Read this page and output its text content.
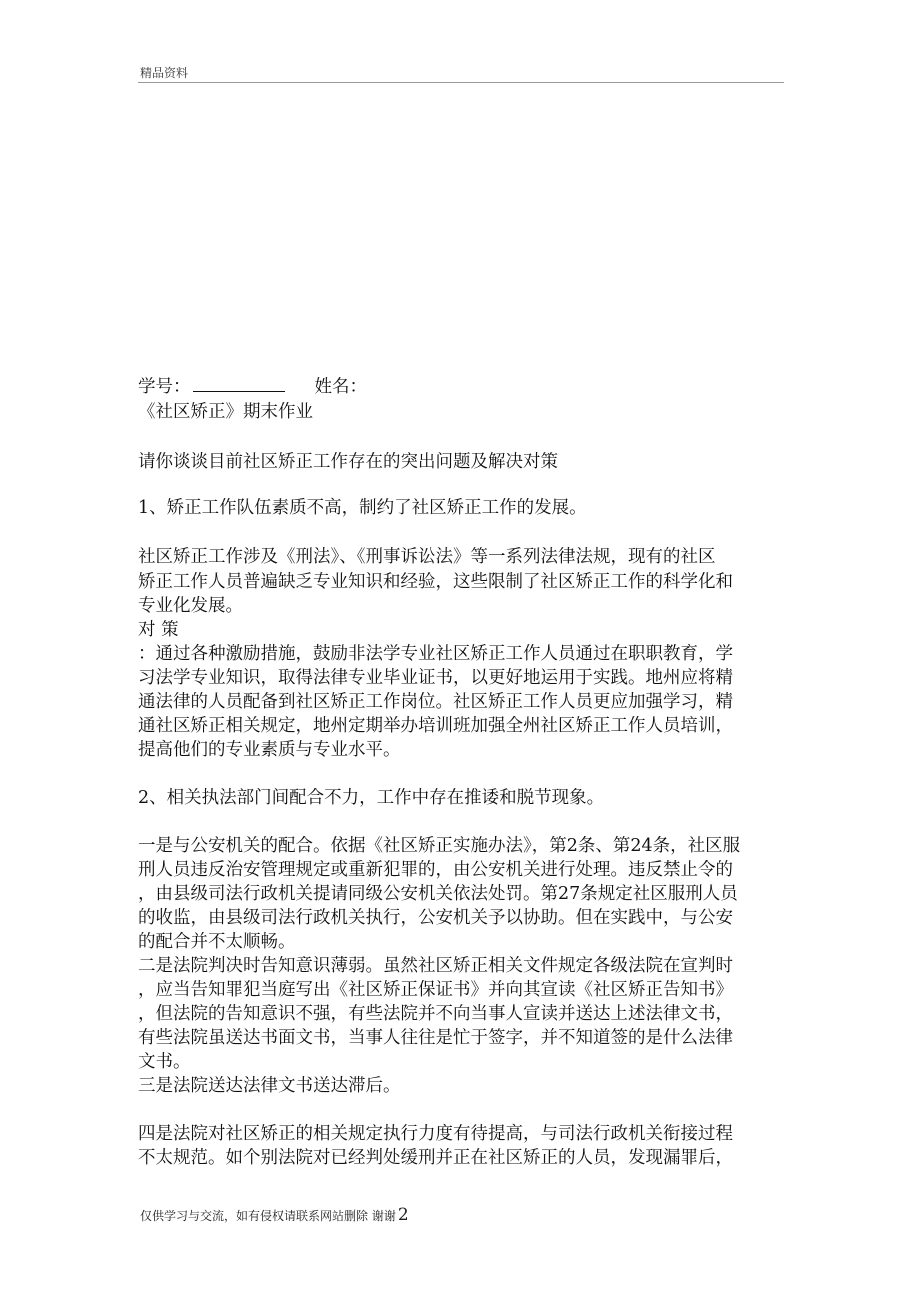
精品资料
学号：	姓名：
《社区矫正》期末作业
请你谈谈目前社区矫正工作存在的突出问题及解决对策
1、矫正工作队伍素质不高，制约了社区矫正工作的发展。
社区矫正工作涉及《刑法》、《刑事诉讼法》等一系列法律法规，现有的社区
矫正工作人员普遍缺乏专业知识和经验，这些限制了社区矫正工作的科学化和
专业化发展。
对 策
：通过各种激励措施，鼓励非法学专业社区矫正工作人员通过在职职教育，学
习法学专业知识，取得法律专业毕业证书，以更好地运用于实践。地州应将精
通法律的人员配备到社区矫正工作岗位。社区矫正工作人员更应加强学习，精
通社区矫正相关规定，地州定期举办培训班加强全州社区矫正工作人员培训，
提高他们的专业素质与专业水平。
2、相关执法部门间配合不力，工作中存在推诿和脱节现象。
一是与公安机关的配合。依据《社区矫正实施办法》，第2条、第24条，社区服
刑人员违反治安管理规定或重新犯罪的，由公安机关进行处理。违反禁止令的
，由县级司法行政机关提请同级公安机关依法处罚。第27条规定社区服刑人员
的收监，由县级司法行政机关执行，公安机关予以协助。但在实践中，与公安
的配合并不太顺畅。
二是法院判决时告知意识薄弱。虽然社区矫正相关文件规定各级法院在宣判时
，应当告知罪犯当庭写出《社区矫正保证书》并向其宣读《社区矫正告知书》
，但法院的告知意识不强，有些法院并不向当事人宣读并送达上述法律文书，
有些法院虽送达书面文书，当事人往往是忙于签字，并不知道签的是什么法律
文书。
三是法院送达法律文书送达滞后。
四是法院对社区矫正的相关规定执行力度有待提高，与司法行政机关衔接过程
不太规范。如个别法院对已经判处缓刑并正在社区矫正的人员，发现漏罪后，
仅供学习与交流，如有侵权请联系网站删除 谢谢 2
